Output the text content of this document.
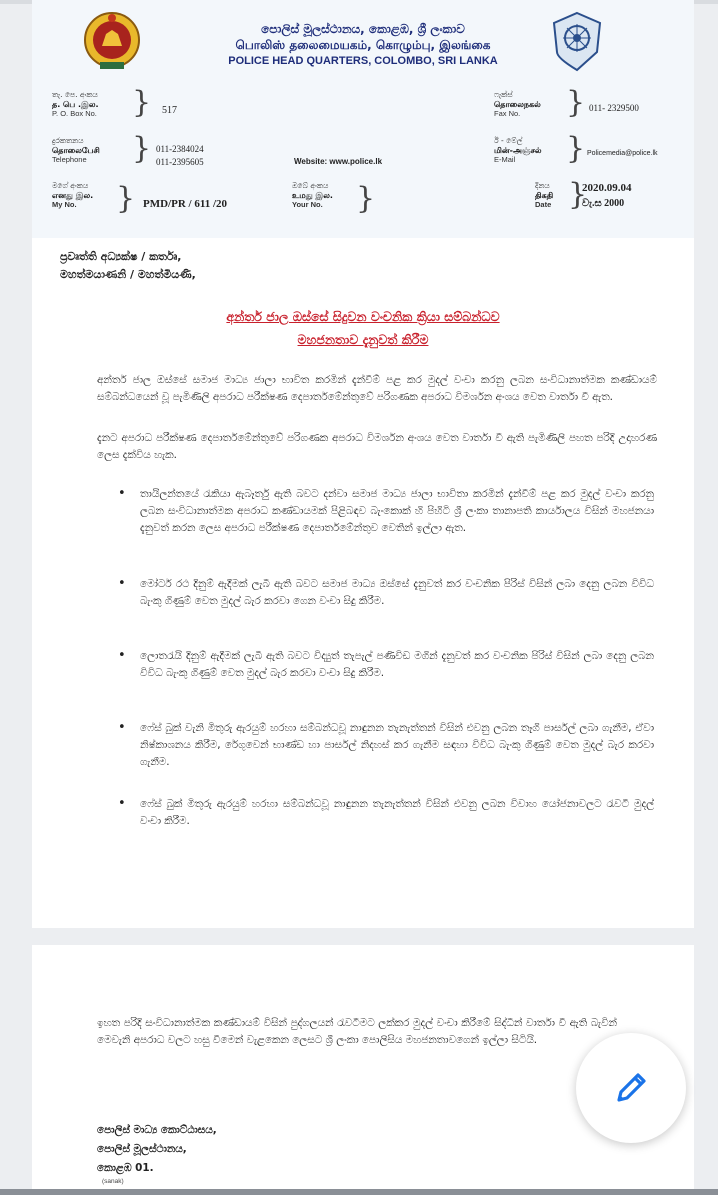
පොලිස් මූලස්ථානය, කොළඹ, ශ්‍රී ලංකාව
பொலிஸ் தலைமையகம், கொழும்பு, இலங்கை
POLICE HEAD QUARTERS, COLOMBO, SRI LANKA
තැ. පෙ. අංකය
த. பெ .இல.
P. O. Box No. } 517
ෆැක්ස්
தொலைநகல்
Fax No.	} 011- 2329500
දුරකතනය
தொலைபேசி
Telephone	} 011-2384024
011-2395605	Website: www.police.lk
ඊ - මේල්
மின்-அஞ்சல்
E-Mail	} Policemedia@police.lk
මගේ අංකය
எனது இல.
My No.	} PMD/PR / 611 /20
ඔබේ අංකය
உமது இல.
Your No.	}	දිනය
திகதி
Date }
2020.09.04
වැ.ස 2000
ප්‍රවෘත්ති අධ්‍යක්ෂ / කර්තෘ,
මහත්මයාණනි / මහත්මියණි,
අන්තර් ජාල ඔස්සේ සිදුවන වංචනික ක්‍රියා සම්බන්ධව
මහජනතාව දැනුවත් කිරීම
අන්තර් ජාල ඔස්සේ සමාජ මාධ්‍ය ජාලා භාවිත කරමින් දැන්වීම් පළ කර මුදල් වංචා කරනු ලබන සංවිධානාත්මක කණ්ඩායම් සම්බන්ධයෙන් වූ පැමිණිලි අපරාධ පරීක්ෂණ දෙපාර්තමේන්තුවේ පරිගණක අපරාධ විමර්ශන අංශය වෙත වාර්තා වී ඇත.
දැනට අපරාධ පරීක්ෂණ දෙපාර්තමේන්තුවේ පරිගණක අපරාධ විමර්ශන අංශය වෙත වාර්තා වී ඇති පැමිණිලි පහත පරිදි උදාහරණ ලෙස දැක්විය හැක.
• තායිලන්තයේ රැකියා ඇබෑර්තු ඇති බවට දන්වා සමාජ මාධ්‍ය ජාලා භාවිතා කරමින් දැන්වීම් පළ කර මුදල් වංචා කරනු ලබන සංවිධානාත්මක අපරාධ කණ්ඩායමක් පිළිබඳව බැංකොක් හි පිහිටි ශ්‍රී ලංකා තානාපති කාර්යාලය විසින් මහජනයා දැනුවත් කරන ලෙස අපරාධ පරීක්ෂණ දෙපාර්තමේන්තුව වෙතින් ඉල්ලා ඇත.
• මෝටර් රථ දිනුම් ඇදීමක් ලැබී ඇති බවට සමාජ මාධ්‍ය ඔස්සේ දැනුවත් කර වංචනික පිරිස් විසින් ලබා දෙනු ලබන විවිධ බැංකු ගිණුම් වෙත මුදල් බැර කරවා ගෙන වංචා සිදු කිරීම.
• ලොතරැයි දිනුම් ඇදීමක් ලැබී ඇති බවට විද්‍යුත් තැපැල් පණිවිඩ මගින් දැනුවත් කර වංචනික පිරිස් විසින් ලබා දෙනු ලබන විවිධ බැංකු ගිණුම් වෙත මුදල් බැර කරවා වංචා සිදු කිරීම.
• ෆේස් බුක් වැනි මිතුරු ඇරයුම් හරහා සම්බන්ධවූ නාඳුනන තැනැත්තන් විසින් එවනු ලබන තෑගි පාර්සල් ලබා ගැනීම, ඒවා නිෂ්කාශනය කිරීම, රේගුවෙන් භාණ්ඩ හා පාර්සල් නිදහස් කර ගැනීම සඳහා විවිධ බැංකු ගිණුම් වෙත මුදල් බැර කරවා ගැනීම.
• ෆේස් බුක් මිතුරු ඇරයුම් හරහා සම්බන්ධවූ නාඳුනන තැනැත්තන් විසින් එවනු ලබන විවාහ යෝජනාවලට රැවටී මුදල් වංචා කිරීම.
ඉහත පරිදි සංවිධානාත්මක කණ්ඩායම් විසින් පුද්ගලයන් රැවටීමට ලක්කර මුදල් වංචා කිරීමේ සිද්ධීන් වාර්තා වී ඇති බැවින් මෙවැනි අපරාධ වලට හසු වීමෙන් වැළකෙන ලෙසට ශ්‍රී ලංකා පොලිසිය මහජනතාවගෙන් ඉල්ලා සිටියි.
පොලිස් මාධ්‍ය කොට්ඨාසය,
පොලිස් මූලස්ථානය,
කොළඹ 01.
(sanak)
